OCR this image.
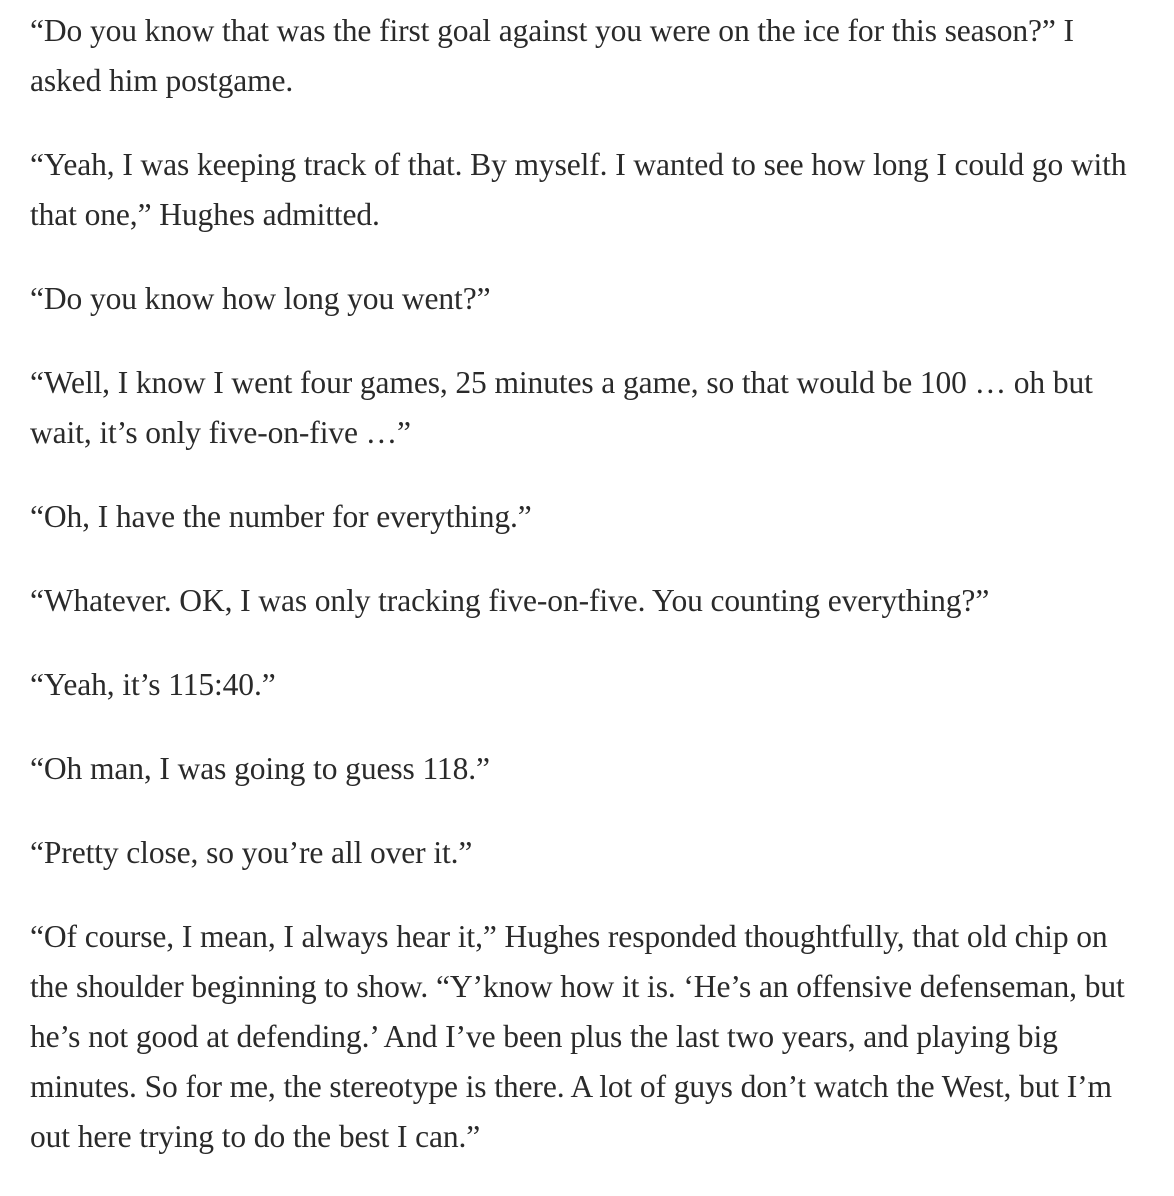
“Do you know that was the first goal against you were on the ice for this season?” I asked him postgame.

“Yeah, I was keeping track of that. By myself. I wanted to see how long I could go with that one,” Hughes admitted.

“Do you know how long you went?”

“Well, I know I went four games, 25 minutes a game, so that would be 100 … oh but wait, it’s only five-on-five …”

“Oh, I have the number for everything.”

“Whatever. OK, I was only tracking five-on-five. You counting everything?”

“Yeah, it’s 115:40.”

“Oh man, I was going to guess 118.”

“Pretty close, so you’re all over it.”

“Of course, I mean, I always hear it,” Hughes responded thoughtfully, that old chip on the shoulder beginning to show. “Y’know how it is. ‘He’s an offensive defenseman, but he’s not good at defending.’ And I’ve been plus the last two years, and playing big minutes. So for me, the stereotype is there. A lot of guys don’t watch the West, but I’m out here trying to do the best I can.”
